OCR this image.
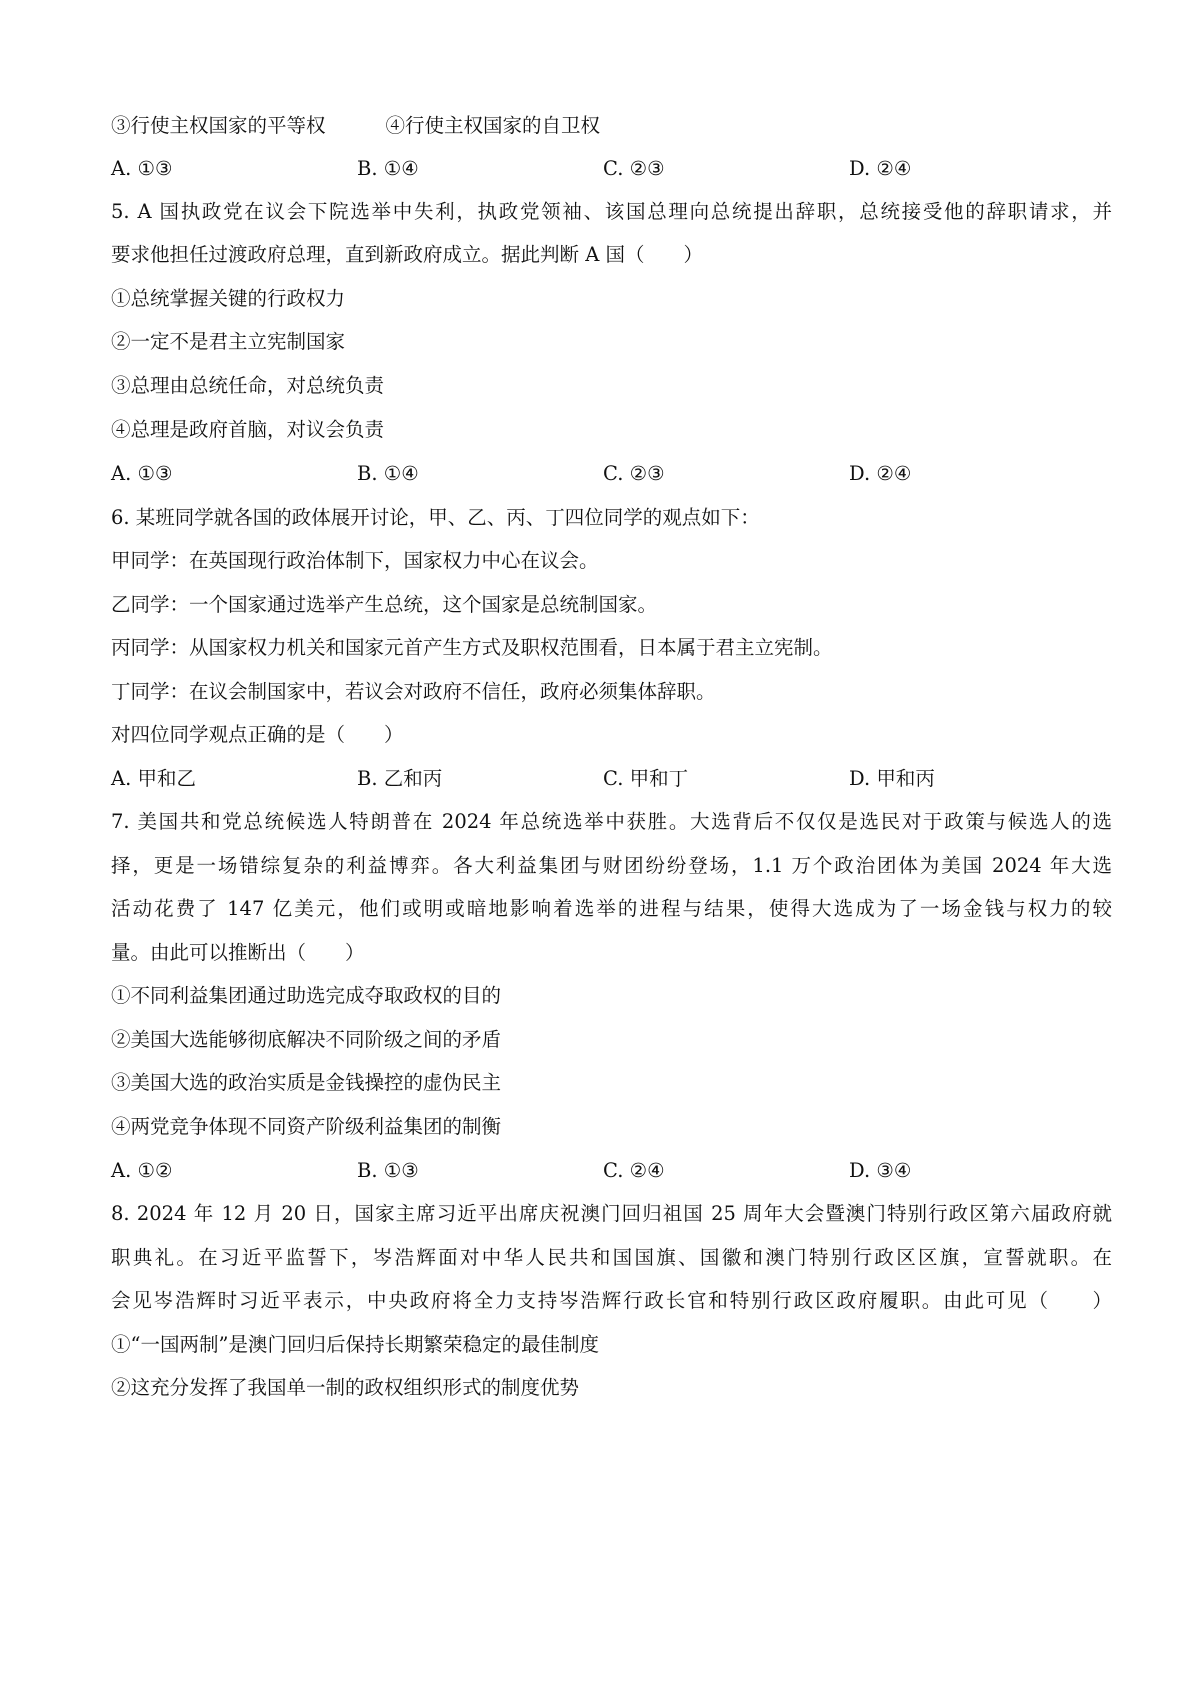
③行使主权国家的平等权	④行使主权国家的自卫权
A. ①③	B. ①④	C. ②③	D. ②④
5. A 国执政党在议会下院选举中失利，执政党领袖、该国总理向总统提出辞职，总统接受他的辞职请求，并
要求他担任过渡政府总理，直到新政府成立。据此判断 A 国（　　）
①总统掌握关键的行政权力
②一定不是君主立宪制国家
③总理由总统任命，对总统负责
④总理是政府首脑，对议会负责
A. ①③	B. ①④	C. ②③	D. ②④
6. 某班同学就各国的政体展开讨论，甲、乙、丙、丁四位同学的观点如下：
甲同学：在英国现行政治体制下，国家权力中心在议会。
乙同学：一个国家通过选举产生总统，这个国家是总统制国家。
丙同学：从国家权力机关和国家元首产生方式及职权范围看，日本属于君主立宪制。
丁同学：在议会制国家中，若议会对政府不信任，政府必须集体辞职。
对四位同学观点正确的是（　　）
A. 甲和乙	B. 乙和丙	C. 甲和丁	D. 甲和丙
7. 美国共和党总统候选人特朗普在 2024 年总统选举中获胜。大选背后不仅仅是选民对于政策与候选人的选
择，更是一场错综复杂的利益博弈。各大利益集团与财团纷纷登场，1.1 万个政治团体为美国 2024 年大选
活动花费了 147 亿美元，他们或明或暗地影响着选举的进程与结果，使得大选成为了一场金钱与权力的较
量。由此可以推断出（　　）
①不同利益集团通过助选完成夺取政权的目的
②美国大选能够彻底解决不同阶级之间的矛盾
③美国大选的政治实质是金钱操控的虚伪民主
④两党竞争体现不同资产阶级利益集团的制衡
A. ①②	B. ①③	C. ②④	D. ③④
8. 2024 年 12 月 20 日，国家主席习近平出席庆祝澳门回归祖国 25 周年大会暨澳门特别行政区第六届政府就
职典礼。在习近平监誓下，岑浩辉面对中华人民共和国国旗、国徽和澳门特别行政区区旗，宣誓就职。在
会见岑浩辉时习近平表示，中央政府将全力支持岑浩辉行政长官和特别行政区政府履职。由此可见（　　）
①“一国两制”是澳门回归后保持长期繁荣稳定的最佳制度
②这充分发挥了我国单一制的政权组织形式的制度优势
